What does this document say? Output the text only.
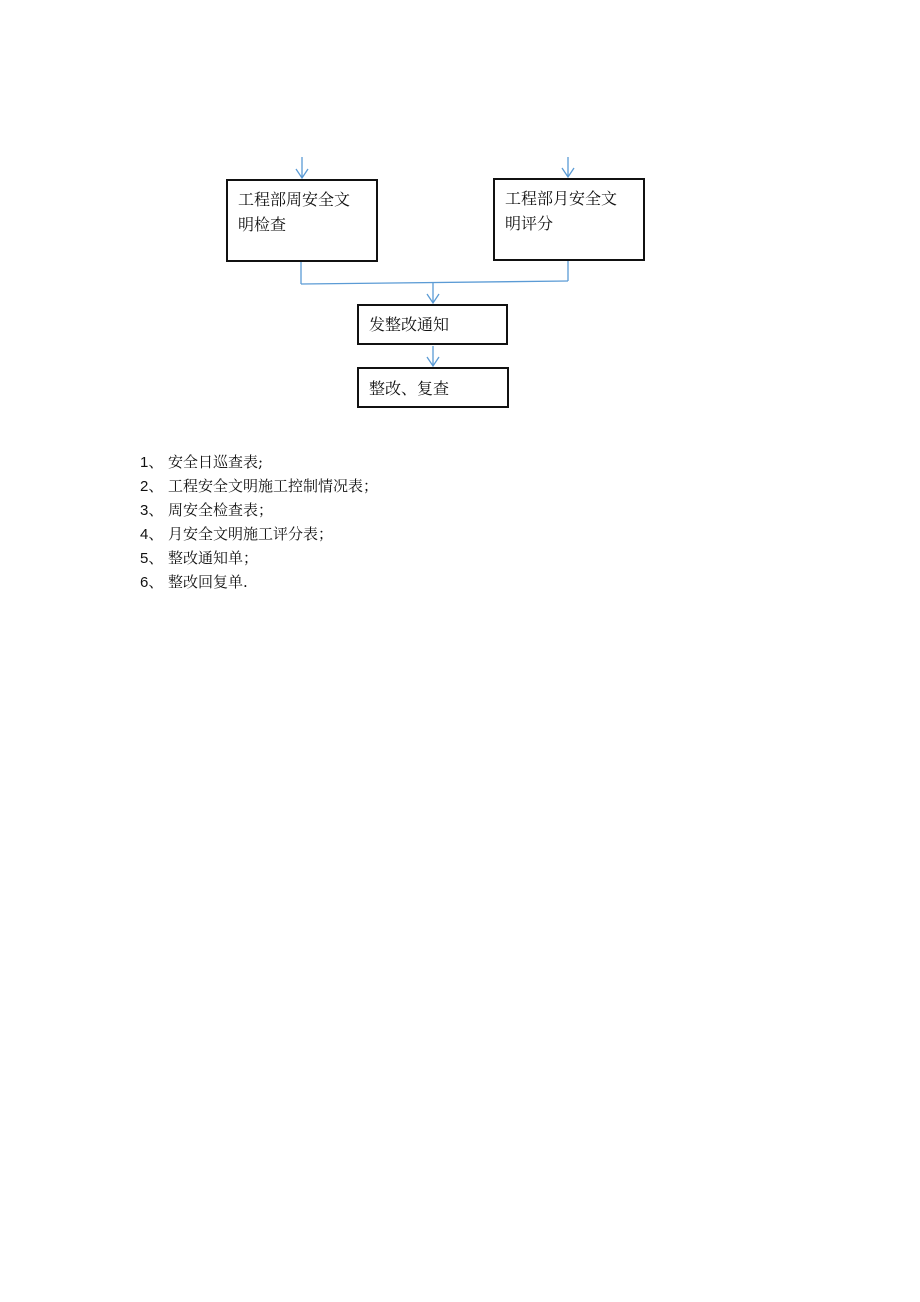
工程部周安全文
明检查
工程部月安全文
明评分
发整改通知
整改、复查
1、 安全日巡查表;
2、 工程安全文明施工控制情况表；
3、 周安全检查表；
4、 月安全文明施工评分表；
5、 整改通知单；
6、 整改回复单.
